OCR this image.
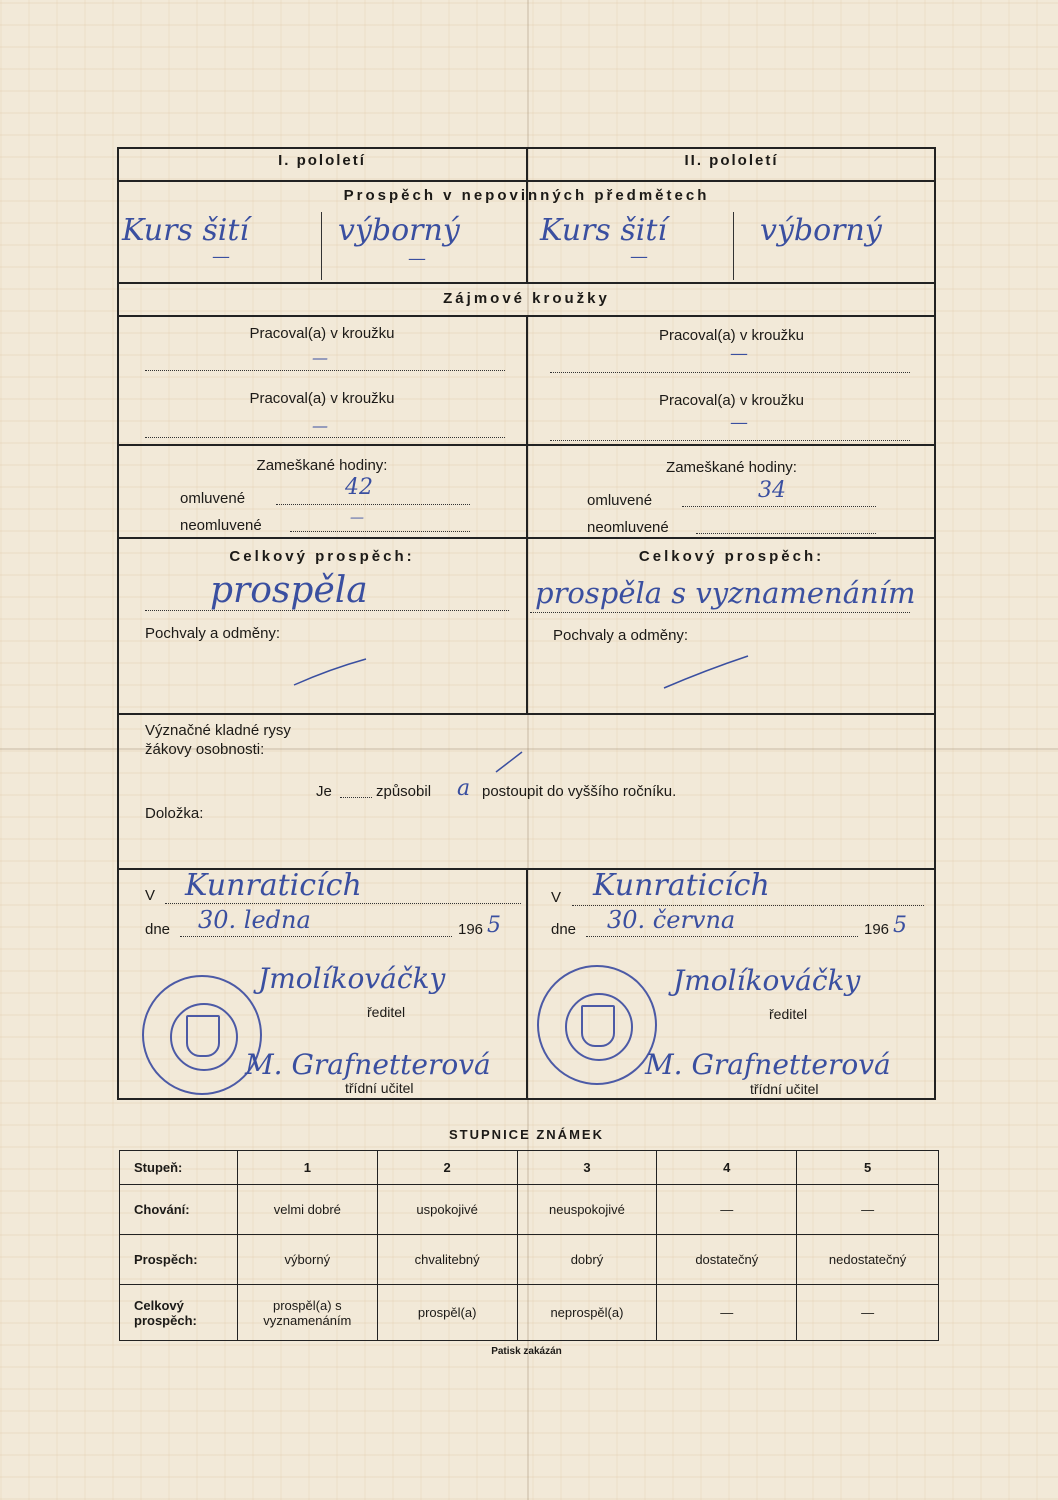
I. pololetí	II. pololetí
Prospěch v nepovinných předmětech
Kurs šití
—
výborný
—
Kurs šití
—
výborný
Zájmové kroužky
Pracoval(a) v kroužku
—
Pracoval(a) v kroužku
—
Pracoval(a) v kroužku
—
Pracoval(a) v kroužku
—
Zameškané hodiny:
omluvené	42
neomluvené	—
Zameškané hodiny:
omluvené	34
neomluvené
Celkový prospěch:
prospěla
Celkový prospěch:
prospěla s vyznamenáním
Pochvaly a odměny:	Pochvaly a odměny:
Význačné kladné rysy
žákovy osobnosti:
Doložka:
Je	způsobil a postoupit do vyššího ročníku.
V Kunraticích
dne 30. ledna	196 5
V Kunraticích
dne 30. června	196 5
Jmolíkováčky
ředitel
M. Grafnetterová
třídní učitel
Jmolíkováčky
ředitel
M. Grafnetterová
třídní učitel
STUPNICE ZNÁMEK
Stupeň:	1	2	3	4	5
Chování:	velmi dobré	uspokojivé	neuspokojivé	—	—
Prospěch:	výborný	chvalitebný	dobrý	dostatečný	nedostatečný
Celkový prospěch:	prospěl(a) s vyznamenáním	prospěl(a)	neprospěl(a)	—	—
Patisk zakázán
